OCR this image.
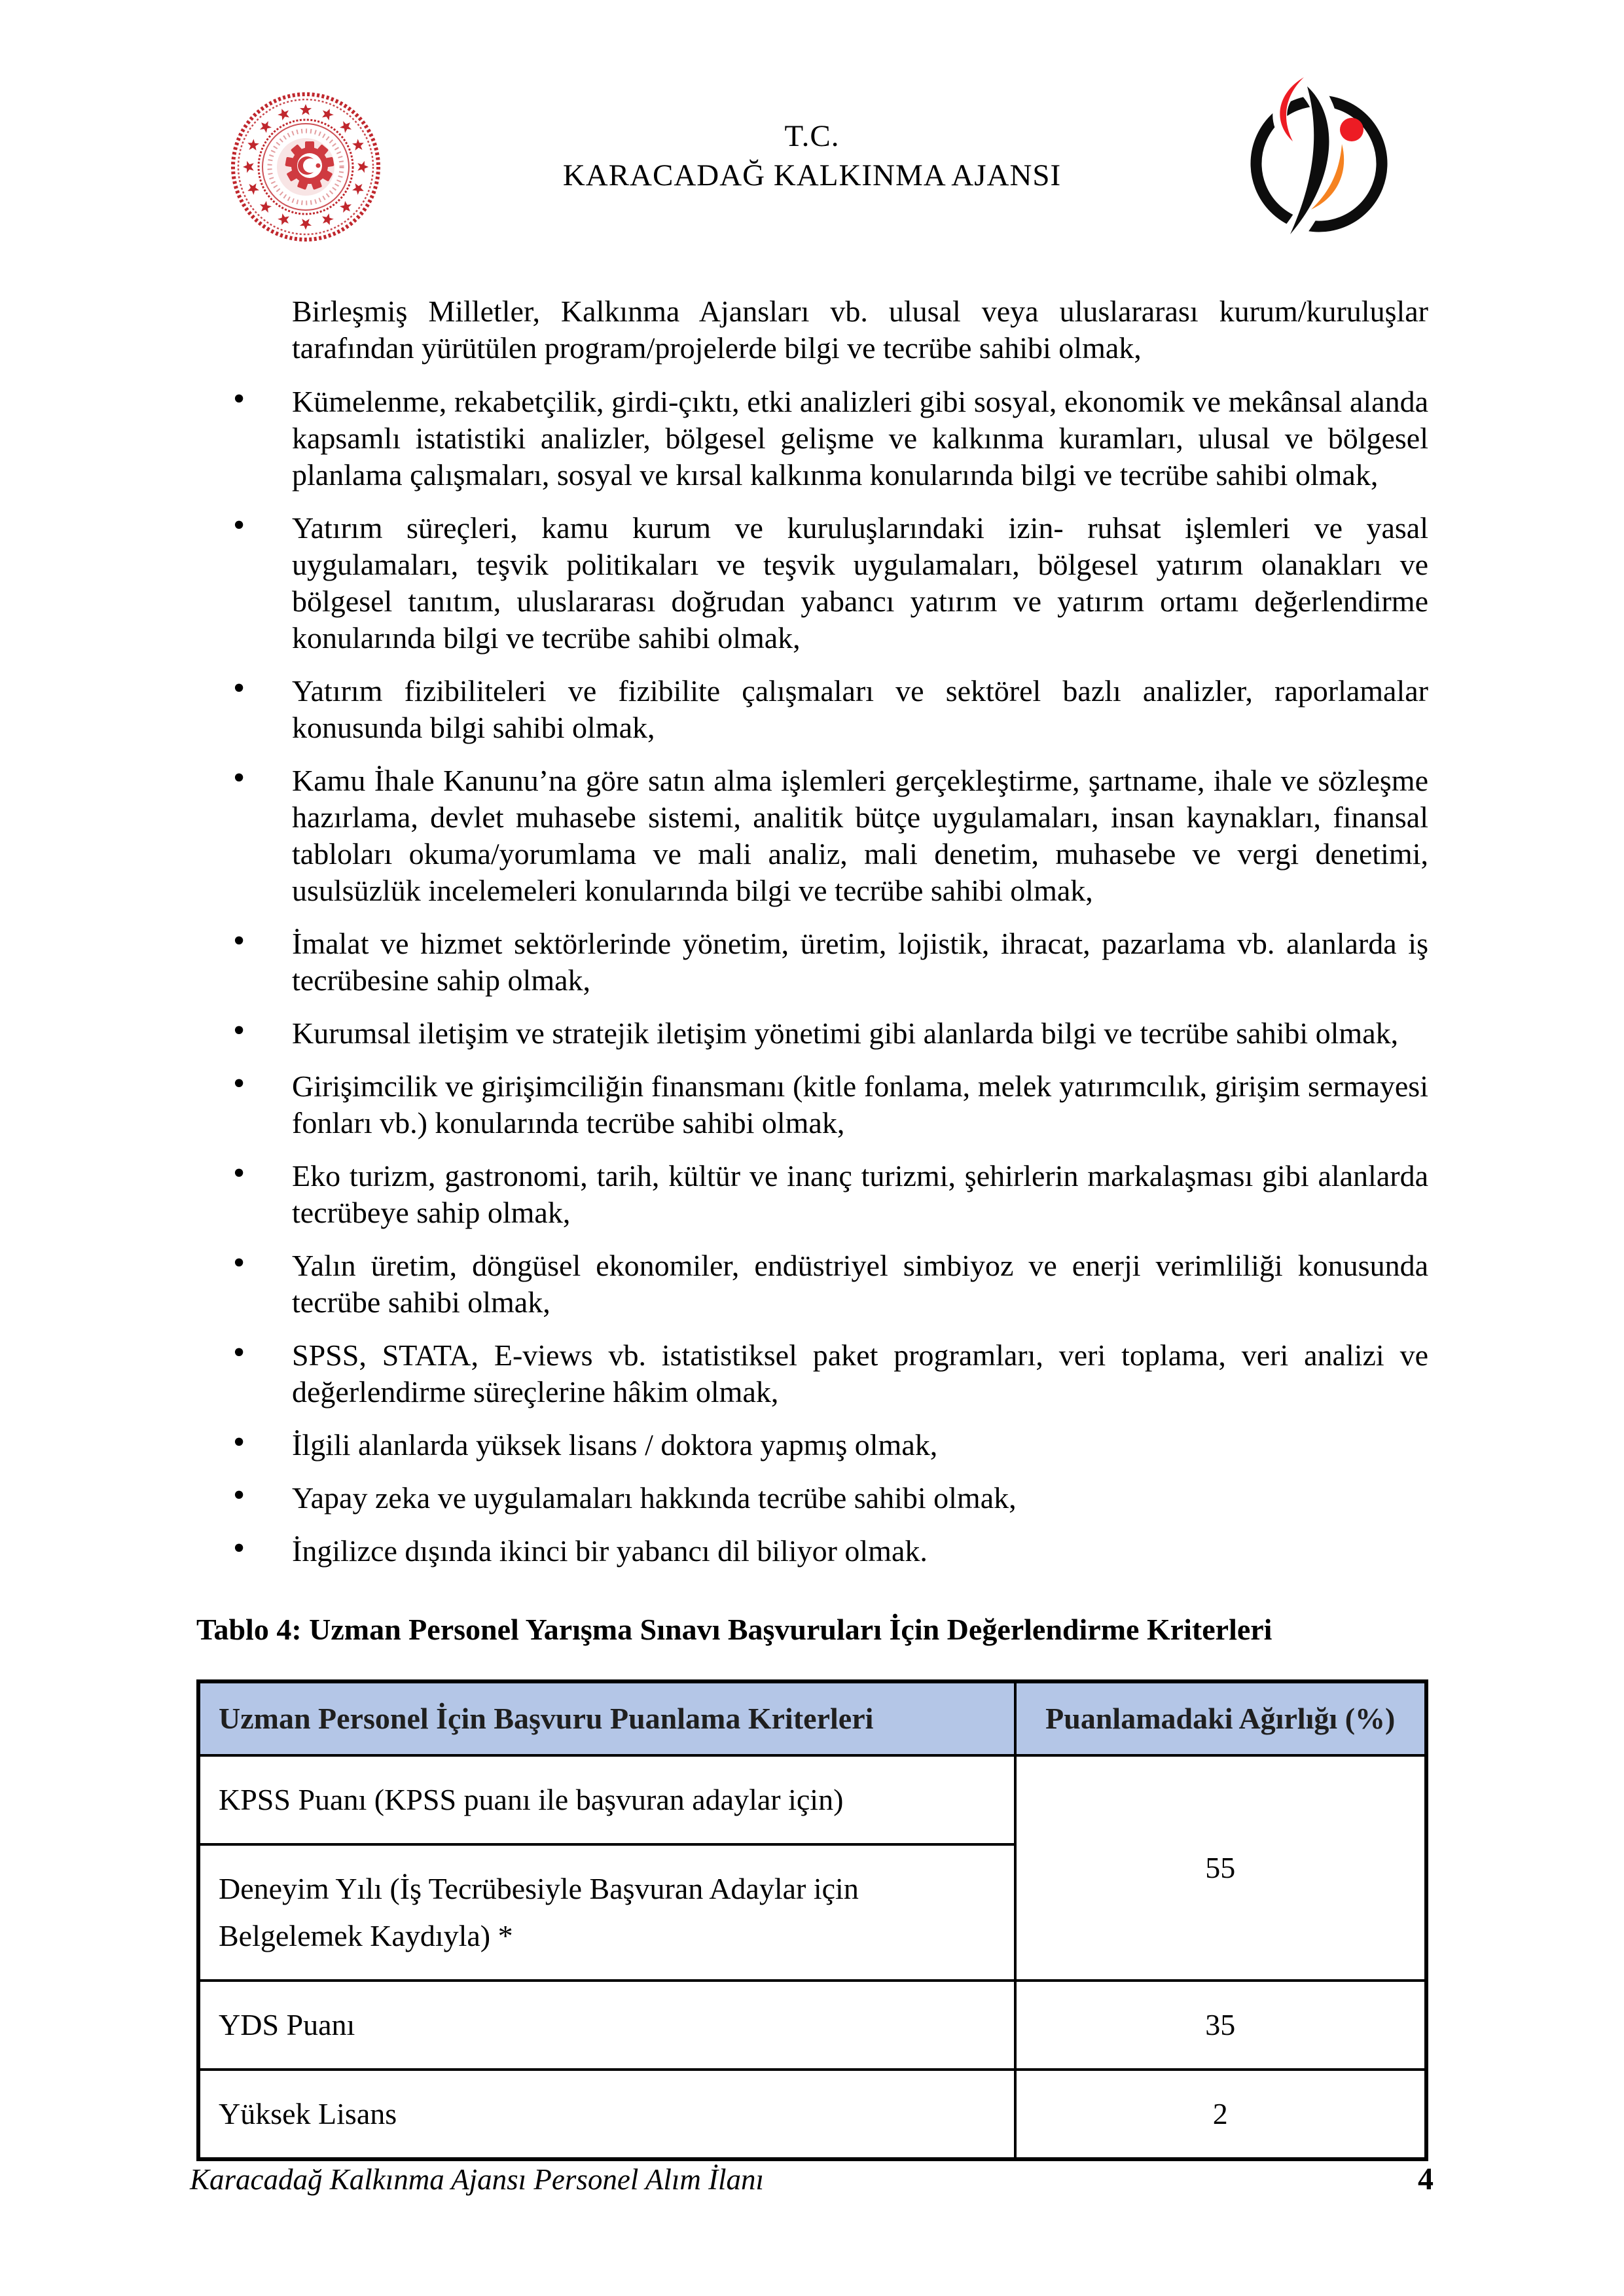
T.C.
KARACADAĞ KALKINMA AJANSI

Birleşmiş Milletler, Kalkınma Ajansları vb. ulusal veya uluslararası kurum/kuruluşlar tarafından yürütülen program/projelerde bilgi ve tecrübe sahibi olmak,

• Kümelenme, rekabetçilik, girdi-çıktı, etki analizleri gibi sosyal, ekonomik ve mekânsal alanda kapsamlı istatistiki analizler, bölgesel gelişme ve kalkınma kuramları, ulusal ve bölgesel planlama çalışmaları, sosyal ve kırsal kalkınma konularında bilgi ve tecrübe sahibi olmak,
• Yatırım süreçleri, kamu kurum ve kuruluşlarındaki izin- ruhsat işlemleri ve yasal uygulamaları, teşvik politikaları ve teşvik uygulamaları, bölgesel yatırım olanakları ve bölgesel tanıtım, uluslararası doğrudan yabancı yatırım ve yatırım ortamı değerlendirme konularında bilgi ve tecrübe sahibi olmak,
• Yatırım fizibiliteleri ve fizibilite çalışmaları ve sektörel bazlı analizler, raporlamalar konusunda bilgi sahibi olmak,
• Kamu İhale Kanunu’na göre satın alma işlemleri gerçekleştirme, şartname, ihale ve sözleşme hazırlama, devlet muhasebe sistemi, analitik bütçe uygulamaları, insan kaynakları, finansal tabloları okuma/yorumlama ve mali analiz, mali denetim, muhasebe ve vergi denetimi, usulsüzlük incelemeleri konularında bilgi ve tecrübe sahibi olmak,
• İmalat ve hizmet sektörlerinde yönetim, üretim, lojistik, ihracat, pazarlama vb. alanlarda iş tecrübesine sahip olmak,
• Kurumsal iletişim ve stratejik iletişim yönetimi gibi alanlarda bilgi ve tecrübe sahibi olmak,
• Girişimcilik ve girişimciliğin finansmanı (kitle fonlama, melek yatırımcılık, girişim sermayesi fonları vb.) konularında tecrübe sahibi olmak,
• Eko turizm, gastronomi, tarih, kültür ve inanç turizmi, şehirlerin markalaşması gibi alanlarda tecrübeye sahip olmak,
• Yalın üretim, döngüsel ekonomiler, endüstriyel simbiyoz ve enerji verimliliği konusunda tecrübe sahibi olmak,
• SPSS, STATA, E-views vb. istatistiksel paket programları, veri toplama, veri analizi ve değerlendirme süreçlerine hâkim olmak,
• İlgili alanlarda yüksek lisans / doktora yapmış olmak,
• Yapay zeka ve uygulamaları hakkında tecrübe sahibi olmak,
• İngilizce dışında ikinci bir yabancı dil biliyor olmak.
Tablo 4: Uzman Personel Yarışma Sınavı Başvuruları İçin Değerlendirme Kriterleri
Uzman Personel İçin Başvuru Puanlama Kriterleri	Puanlamadaki Ağırlığı (%)
KPSS Puanı (KPSS puanı ile başvuran adaylar için)	55
Deneyim Yılı (İş Tecrübesiyle Başvuran Adaylar için Belgelemek Kaydıyla) *	
YDS Puanı	35
Yüksek Lisans	2
Karacadağ Kalkınma Ajansı Personel Alım İlanı	4
